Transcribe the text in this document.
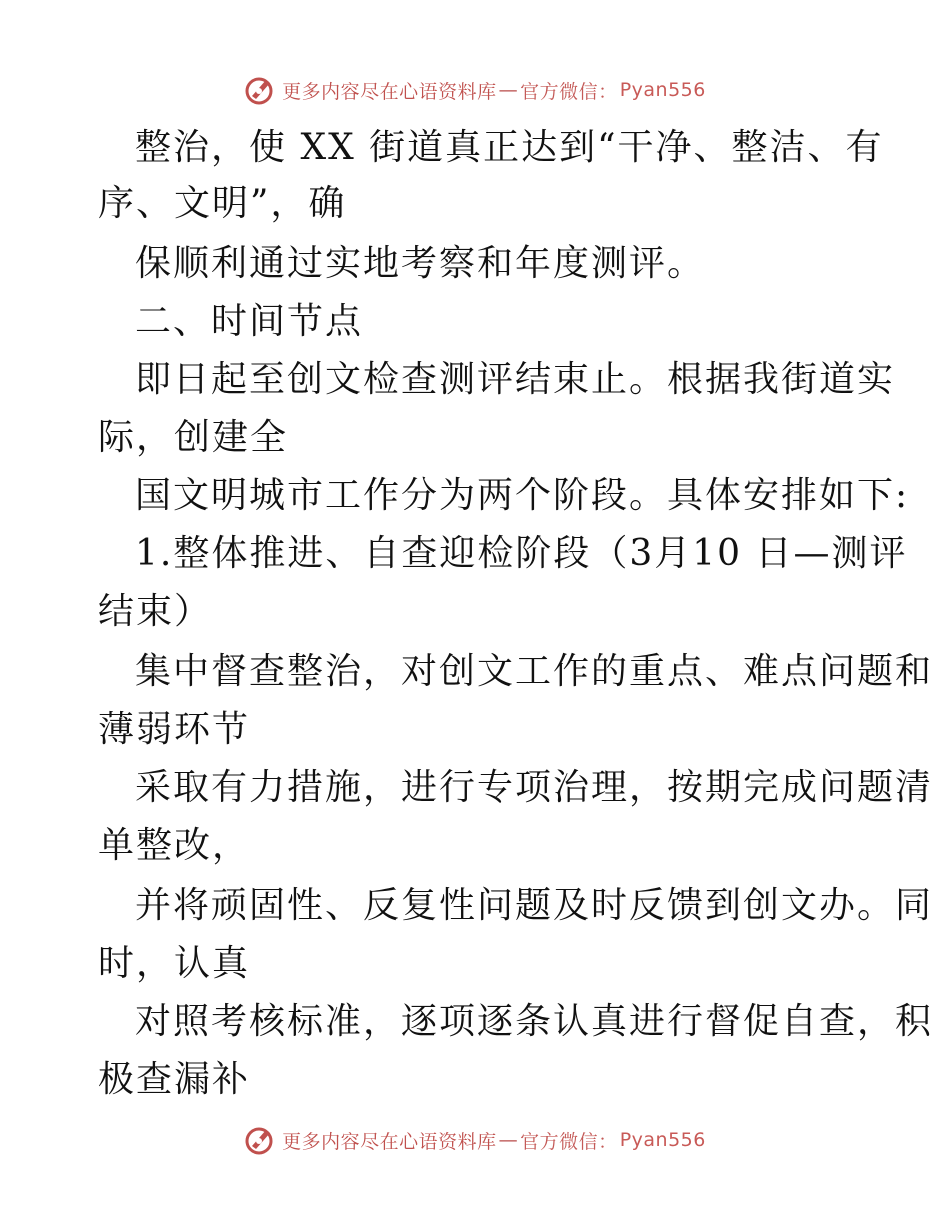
更多内容尽在心语资料库 — 官方微信： Pyan556
整治，使 XX 街道真正达到“干净、整洁、有
序、文明”，确
保顺利通过实地考察和年度测评。
二、时间节点
即日起至创文检查测评结束止。根据我街道实
际，创建全
国文明城市工作分为两个阶段。具体安排如下:
1.整体推进、自查迎检阶段（3月10 日—测评
结束）
集中督查整治，对创文工作的重点、难点问题和
薄弱环节
采取有力措施，进行专项治理，按期完成问题清
单整改，
并将顽固性、反复性问题及时反馈到创文办。同
时，认真
对照考核标准，逐项逐条认真进行督促自查，积
极查漏补
更多内容尽在心语资料库 — 官方微信： Pyan556
